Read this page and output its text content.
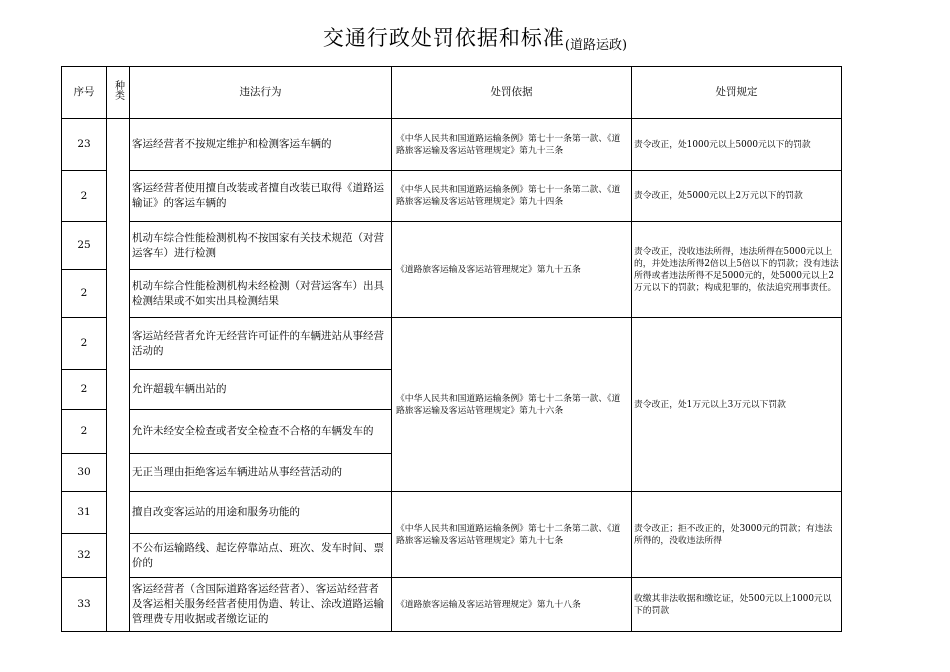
交通行政处罚依据和标准$_{(道路运政)}$
序号	种类	违法行为	处罚依据	处罚规定
23		客运经营者不按规定维护和检测客运车辆的	《中华人民共和国道路运输条例》第七十一条第一款、《道路旅客运输及客运站管理规定》第九十三条	责令改正，处1000元以上5000元以下的罚款
2		客运经营者使用擅自改装或者擅自改装已取得《道路运输证》的客运车辆的	《中华人民共和国道路运输条例》第七十一条第二款、《道路旅客运输及客运站管理规定》第九十四条	责令改正，处5000元以上2万元以下的罚款
25		机动车综合性能检测机构不按国家有关技术规范（对营运客车）进行检测	《道路旅客运输及客运站管理规定》第九十五条	责令改正，没收违法所得，违法所得在5000元以上的，并处违法所得2倍以上5倍以下的罚款；没有违法所得或者违法所得不足5000元的，处5000元以上2万元以下的罚款；构成犯罪的，依法追究刑事责任。
2		机动车综合性能检测机构未经检测（对营运客车）出具检测结果或不如实出具检测结果		
2		客运站经营者允许无经营许可证件的车辆进站从事经营活动的	《中华人民共和国道路运输条例》第七十二条第一款、《道路旅客运输及客运站管理规定》第九十六条	责令改正，处1万元以上3万元以下罚款
2		允许超载车辆出站的		
2		允许未经安全检查或者安全检查不合格的车辆发车的		
30		无正当理由拒绝客运车辆进站从事经营活动的		
31		擅自改变客运站的用途和服务功能的	《中华人民共和国道路运输条例》第七十二条第二款、《道路旅客运输及客运站管理规定》第九十七条	责令改正；拒不改正的，处3000元的罚款；有违法所得的，没收违法所得
32		不公布运输路线、起讫停靠站点、班次、发车时间、票价的		
33		客运经营者（含国际道路客运经营者）、客运站经营者及客运相关服务经营者使用伪造、转让、涂改道路运输管理费专用收据或者缴讫证的	《道路旅客运输及客运站管理规定》第九十八条	收缴其非法收据和缴讫证，处500元以上1000元以下的罚款
